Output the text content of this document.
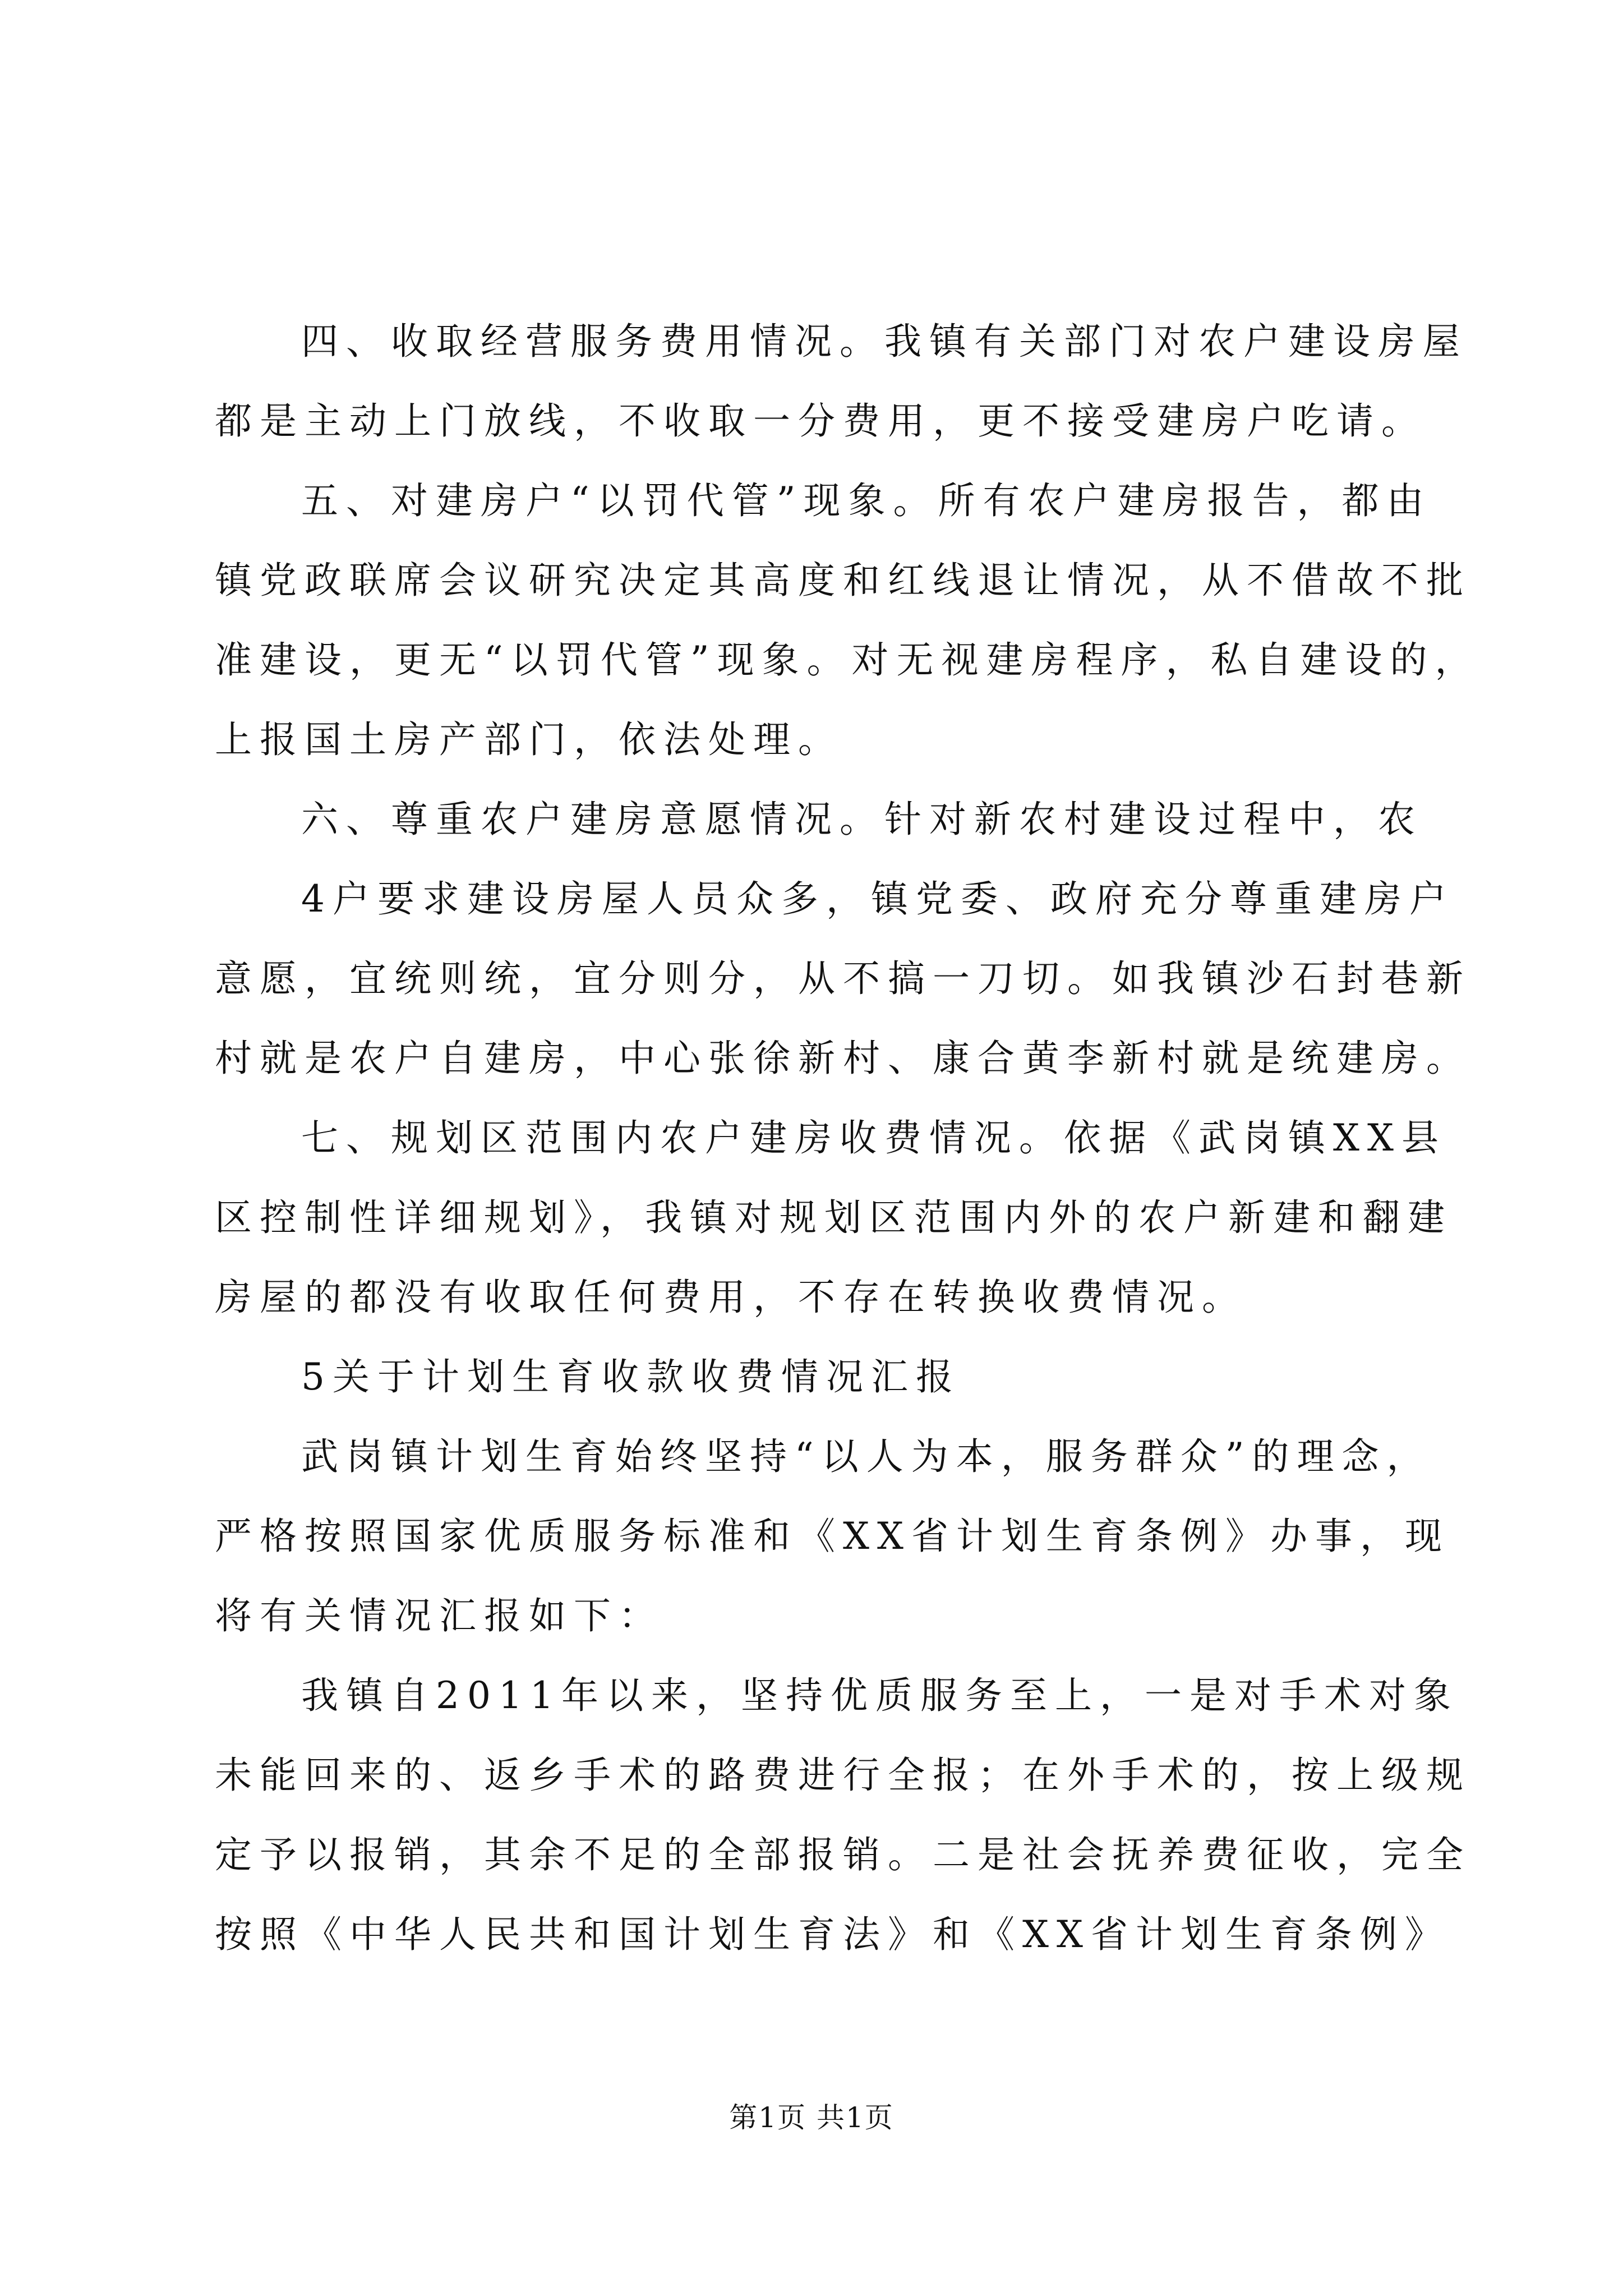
四、收取经营服务费用情况。我镇有关部门对农户建设房屋

都是主动上门放线，不收取一分费用，更不接受建房户吃请。

五、对建房户“以罚代管”现象。所有农户建房报告，都由

镇党政联席会议研究决定其高度和红线退让情况，从不借故不批

准建设，更无“以罚代管”现象。对无视建房程序，私自建设的，

上报国土房产部门，依法处理。

六、尊重农户建房意愿情况。针对新农村建设过程中，农

4户要求建设房屋人员众多，镇党委、政府充分尊重建房户

意愿，宜统则统，宜分则分，从不搞一刀切。如我镇沙石封巷新

村就是农户自建房，中心张徐新村、康合黄李新村就是统建房。

七、规划区范围内农户建房收费情况。依据《武岗镇XX县

区控制性详细规划》，我镇对规划区范围内外的农户新建和翻建

房屋的都没有收取任何费用，不存在转换收费情况。

5关于计划生育收款收费情况汇报

武岗镇计划生育始终坚持“以人为本，服务群众”的理念，

严格按照国家优质服务标准和《XX省计划生育条例》办事，现

将有关情况汇报如下：

我镇自2011年以来，坚持优质服务至上，一是对手术对象

未能回来的、返乡手术的路费进行全报；在外手术的，按上级规

定予以报销，其余不足的全部报销。二是社会抚养费征收，完全

按照《中华人民共和国计划生育法》和《XX省计划生育条例》

第1页 共1页
